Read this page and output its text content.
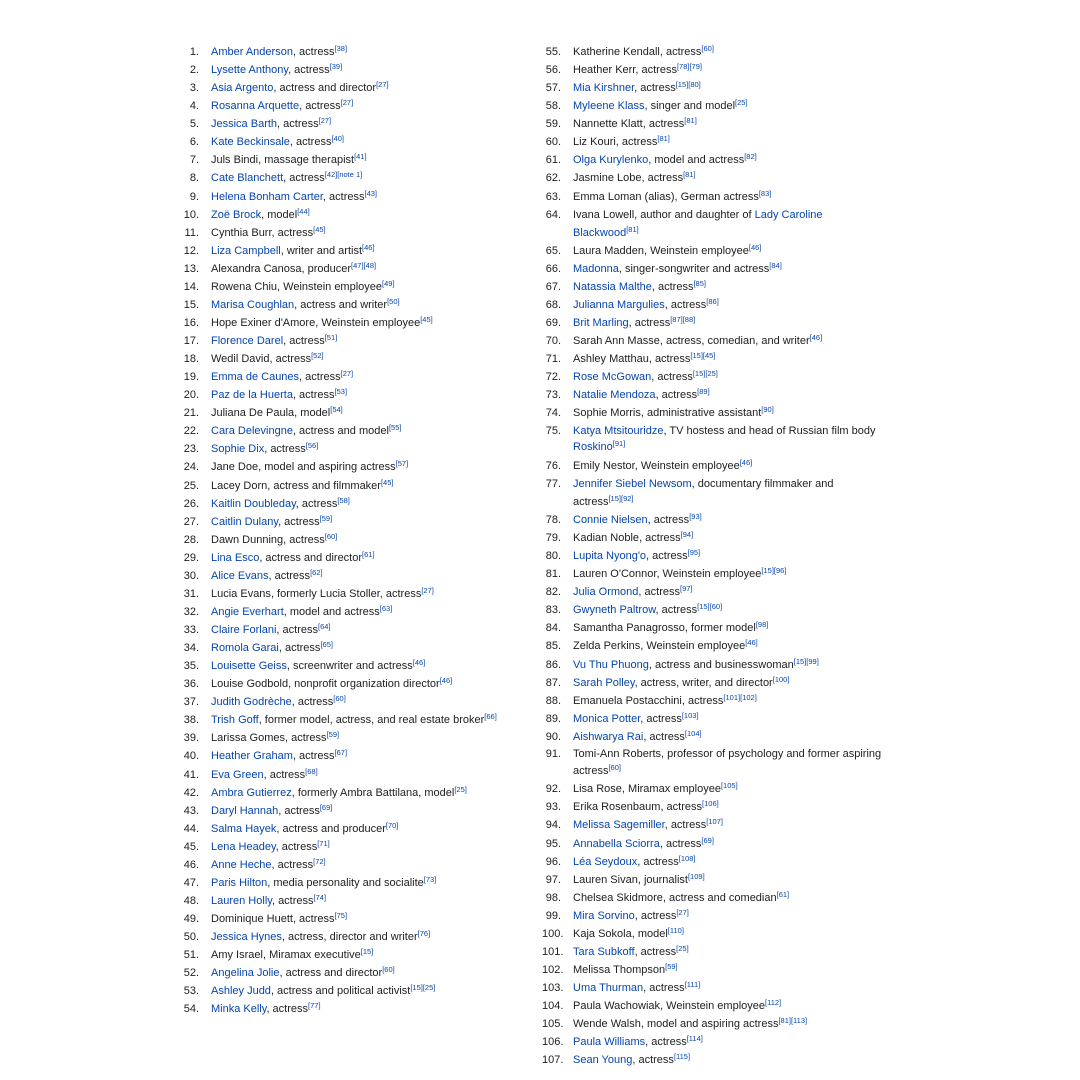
1. Amber Anderson, actress[38]
2. Lysette Anthony, actress[39]
3. Asia Argento, actress and director[27]
4. Rosanna Arquette, actress[27]
5. Jessica Barth, actress[27]
6. Kate Beckinsale, actress[40]
7. Juls Bindi, massage therapist[41]
8. Cate Blanchett, actress[42][note 1]
9. Helena Bonham Carter, actress[43]
10. Zoë Brock, model[44]
11. Cynthia Burr, actress[45]
12. Liza Campbell, writer and artist[46]
13. Alexandra Canosa, producer[47][48]
14. Rowena Chiu, Weinstein employee[49]
15. Marisa Coughlan, actress and writer[50]
16. Hope Exiner d'Amore, Weinstein employee[45]
17. Florence Darel, actress[51]
18. Wedil David, actress[52]
19. Emma de Caunes, actress[27]
20. Paz de la Huerta, actress[53]
21. Juliana De Paula, model[54]
22. Cara Delevingne, actress and model[55]
23. Sophie Dix, actress[56]
24. Jane Doe, model and aspiring actress[57]
25. Lacey Dorn, actress and filmmaker[45]
26. Kaitlin Doubleday, actress[58]
27. Caitlin Dulany, actress[59]
28. Dawn Dunning, actress[60]
29. Lina Esco, actress and director[61]
30. Alice Evans, actress[62]
31. Lucia Evans, formerly Lucia Stoller, actress[27]
32. Angie Everhart, model and actress[63]
33. Claire Forlani, actress[64]
34. Romola Garai, actress[65]
35. Louisette Geiss, screenwriter and actress[46]
36. Louise Godbold, nonprofit organization director[46]
37. Judith Godrèche, actress[60]
38. Trish Goff, former model, actress, and real estate broker[66]
39. Larissa Gomes, actress[59]
40. Heather Graham, actress[67]
41. Eva Green, actress[68]
42. Ambra Gutierrez, formerly Ambra Battilana, model[25]
43. Daryl Hannah, actress[69]
44. Salma Hayek, actress and producer[70]
45. Lena Headey, actress[71]
46. Anne Heche, actress[72]
47. Paris Hilton, media personality and socialite[73]
48. Lauren Holly, actress[74]
49. Dominique Huett, actress[75]
50. Jessica Hynes, actress, director and writer[76]
51. Amy Israel, Miramax executive[15]
52. Angelina Jolie, actress and director[60]
53. Ashley Judd, actress and political activist[15][25]
54. Minka Kelly, actress[77]
55. Katherine Kendall, actress[60]
56. Heather Kerr, actress[78][79]
57. Mia Kirshner, actress[15][80]
58. Myleene Klass, singer and model[25]
59. Nannette Klatt, actress[81]
60. Liz Kouri, actress[81]
61. Olga Kurylenko, model and actress[82]
62. Jasmine Lobe, actress[81]
63. Emma Loman (alias), German actress[83]
64. Ivana Lowell, author and daughter of Lady Caroline Blackwood[81]
65. Laura Madden, Weinstein employee[46]
66. Madonna, singer-songwriter and actress[84]
67. Natassia Malthe, actress[85]
68. Julianna Margulies, actress[86]
69. Brit Marling, actress[87][88]
70. Sarah Ann Masse, actress, comedian, and writer[46]
71. Ashley Matthau, actress[15][45]
72. Rose McGowan, actress[15][25]
73. Natalie Mendoza, actress[89]
74. Sophie Morris, administrative assistant[90]
75. Katya Mtsitouridze, TV hostess and head of Russian film body Roskino[91]
76. Emily Nestor, Weinstein employee[46]
77. Jennifer Siebel Newsom, documentary filmmaker and actress[15][92]
78. Connie Nielsen, actress[93]
79. Kadian Noble, actress[94]
80. Lupita Nyong'o, actress[95]
81. Lauren O'Connor, Weinstein employee[15][96]
82. Julia Ormond, actress[97]
83. Gwyneth Paltrow, actress[15][60]
84. Samantha Panagrosso, former model[98]
85. Zelda Perkins, Weinstein employee[46]
86. Vu Thu Phuong, actress and businesswoman[15][99]
87. Sarah Polley, actress, writer, and director[100]
88. Emanuela Postacchini, actress[101][102]
89. Monica Potter, actress[103]
90. Aishwarya Rai, actress[104]
91. Tomi-Ann Roberts, professor of psychology and former aspiring actress[60]
92. Lisa Rose, Miramax employee[105]
93. Erika Rosenbaum, actress[106]
94. Melissa Sagemiller, actress[107]
95. Annabella Sciorra, actress[69]
96. Léa Seydoux, actress[108]
97. Lauren Sivan, journalist[109]
98. Chelsea Skidmore, actress and comedian[61]
99. Mira Sorvino, actress[27]
100. Kaja Sokola, model[110]
101. Tara Subkoff, actress[25]
102. Melissa Thompson[59]
103. Uma Thurman, actress[111]
104. Paula Wachowiak, Weinstein employee[112]
105. Wende Walsh, model and aspiring actress[81][113]
106. Paula Williams, actress[114]
107. Sean Young, actress[115]
